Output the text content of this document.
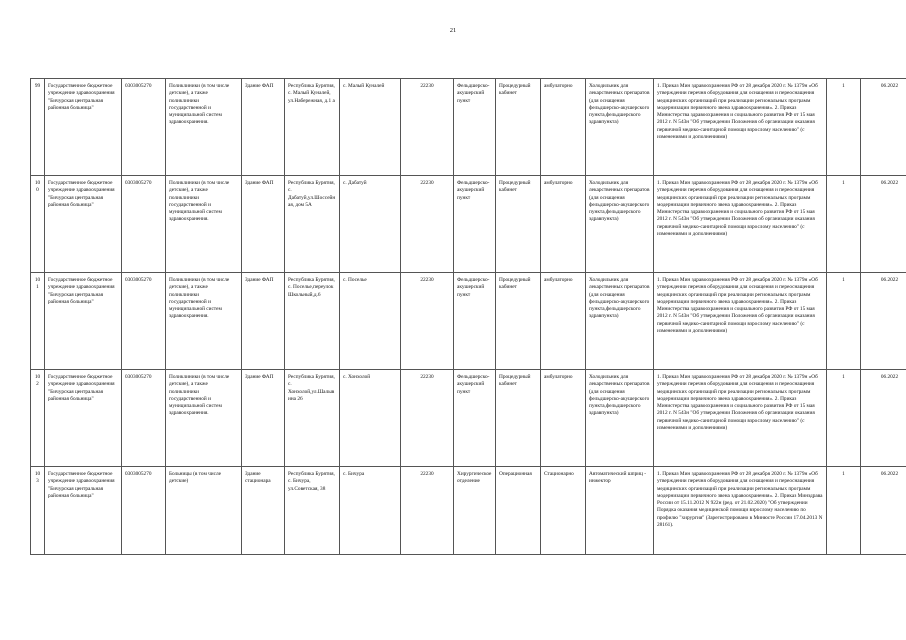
21
99	Государственное бюджетное учреждение здравоохранения "Бичурская центральная районная больница"	0303005270	Поликлиники (в том числе детские), а также поликлиники государственной и муниципальной систем здравоохранения.	Здание ФАП	Республика Бурятия, с. Малый Куналей, ул.Набережная, д.1 а	с. Малый Куналей	22230	Фельдшерско-акушерский пункт	Процедурный кабинет	амбулаторно	Холодильник для лекарственных препаратов (для оснащения фельдшерско-акушерского пункта,фельдшерского здравпункта)	1. Приказ Мин здравоохранения РФ от 28 декабря 2020 г. № 1379н «Об утверждении перечня оборудования для оснащения и переоснащения медицинских организаций при реализации региональных программ модернизации первичного звена здравоохранения». 2. Приказ Министерства здравоохранения и социального развития РФ от 15 мая 2012 г. N 543н "Об утверждении Положения об организации оказания первичной медико-санитарной помощи взрослому населению" (с изменениями и дополнениями)	1	06.2022
100	Государственное бюджетное учреждение здравоохранения "Бичурская центральная районная больница"	0303005270	Поликлиники (в том числе детские), а также поликлиники государственной и муниципальной систем здравоохранения.	Здание ФАП	Республика Бурятия, с. Дабатуй,ул.Шоссейная, дом 5А	с. Дабатуй	22230	Фельдшерско-акушерский пункт	Процедурный кабинет	амбулаторно	Холодильник для лекарственных препаратов (для оснащения фельдшерско-акушерского пункта,фельдшерского здравпункта)	1. Приказ Мин здравоохранения РФ от 28 декабря 2020 г. № 1379н «Об утверждении перечня оборудования для оснащения и переоснащения медицинских организаций при реализации региональных программ модернизации первичного звена здравоохранения». 2. Приказ Министерства здравоохранения и социального развития РФ от 15 мая 2012 г. N 543н "Об утверждении Положения об организации оказания первичной медико-санитарной помощи взрослому населению" (с изменениями и дополнениями)	1	06.2022
101	Государственное бюджетное учреждение здравоохранения "Бичурская центральная районная больница"	0303005270	Поликлиники (в том числе детские), а также поликлиники государственной и муниципальной систем здравоохранения.	Здание ФАП	Республика Бурятия, с. Поселье,переулок Школьный,д.6	с. Поселье	22230	Фельдшерско-акушерский пункт	Процедурный кабинет	амбулаторно	Холодильник для лекарственных препаратов (для оснащения фельдшерско-акушерского пункта,фельдшерского здравпункта)	1. Приказ Мин здравоохранения РФ от 28 декабря 2020 г. № 1379н «Об утверждении перечня оборудования для оснащения и переоснащения медицинских организаций при реализации региональных программ модернизации первичного звена здравоохранения». 2. Приказ Министерства здравоохранения и социального развития РФ от 15 мая 2012 г. N 543н "Об утверждении Положения об организации оказания первичной медико-санитарной помощи взрослому населению" (с изменениями и дополнениями)	1	06.2022
102	Государственное бюджетное учреждение здравоохранения "Бичурская центральная районная больница"	0303005270	Поликлиники (в том числе детские), а также поликлиники государственной и муниципальной систем здравоохранения.	Здание ФАП	Республика Бурятия, с. Хонхолой,ул.Шалывина 26	с. Хонхолой	22230	Фельдшерско-акушерский пункт	Процедурный кабинет	амбулаторно	Холодильник для лекарственных препаратов (для оснащения фельдшерско-акушерского пункта,фельдшерского здравпункта)	1. Приказ Мин здравоохранения РФ от 28 декабря 2020 г. № 1379н «Об утверждении перечня оборудования для оснащения и переоснащения медицинских организаций при реализации региональных программ модернизации первичного звена здравоохранения». 2. Приказ Министерства здравоохранения и социального развития РФ от 15 мая 2012 г. N 543н "Об утверждении Положения об организации оказания первичной медико-санитарной помощи взрослому населению" (с изменениями и дополнениями)	1	06.2022
103	Государственное бюджетное учреждение здравоохранения "Бичурская центральная районная больница"	0303005270	Больницы (в том числе детские)	Здание стационара	Республика Бурятия, с. Бичура, ул.Советская, 38	с. Бичура	22230	Хирургическое отделение	Операционная	Стационарно	Автоматический шприц - инжектор	1. Приказ Мин здравоохранения РФ от 28 декабря 2020 г. № 1379н «Об утверждении перечня оборудования для оснащения и переоснащения медицинских организаций при реализации региональных программ модернизации первичного звена здравоохранения». 2. Приказ Минздрава России от 15.11.2012 N 922н (ред. от 21.02.2020) "Об утверждении Порядка оказания медицинской помощи взрослому населению по профилю "хирургия" (Зарегистрировано в Минюсте России 17.04.2013 N 28161).	1	06.2022
